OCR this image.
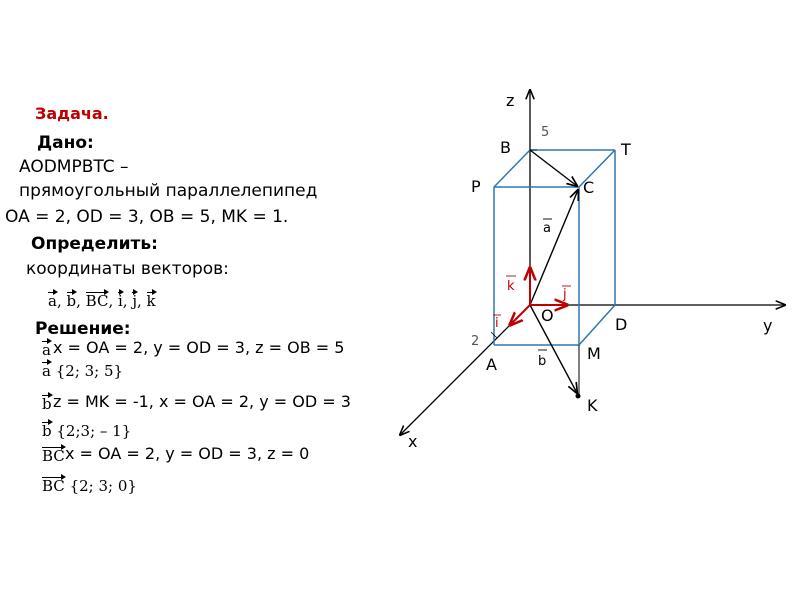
Задача.
Дано:
AODMPBTC –
прямоугольный параллелепипед
OA = 2, OD = 3, OB = 5, MK = 1.
Определить:
координаты векторов:
a, b, BC, i, j, k
Решение:
a x = OA = 2, y = OD = 3, z = OB = 5
a {2; 3; 5}
b z = MK = -1, x = OA = 2, y = OD = 3
b {2;3; – 1}
BC x = OA = 2, y = OD = 3, z = 0
BC {2; 3; 0}
z
y
x
5
2
B	T
P	C
O	D
A
M
K
a
b
k
j
i
